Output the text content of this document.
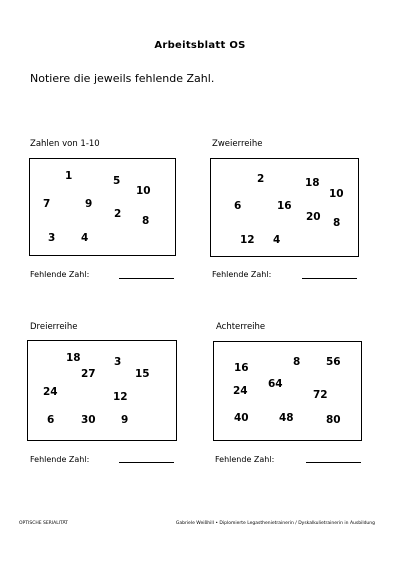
Arbeitsblatt OS
Notiere die jeweils fehlende Zahl.
Zahlen von 1-10
1	5
10
7	9
2
8
3 4
Fehlende Zahl:
Zweierreihe
2	18
10
6	16
20 8
12 4
Fehlende Zahl:
Dreierreihe
18	3
27	15
24	12
6	30 9
Fehlende Zahl:
Achterreihe
8 56
16
64
24	72
40	48	80
Fehlende Zahl:
OPTISCHE SERIALITÄT	Gabriele Weißhill • Diplomierte Legasthenietrainerin / Dyskalkulietrainerin in Ausbildung
